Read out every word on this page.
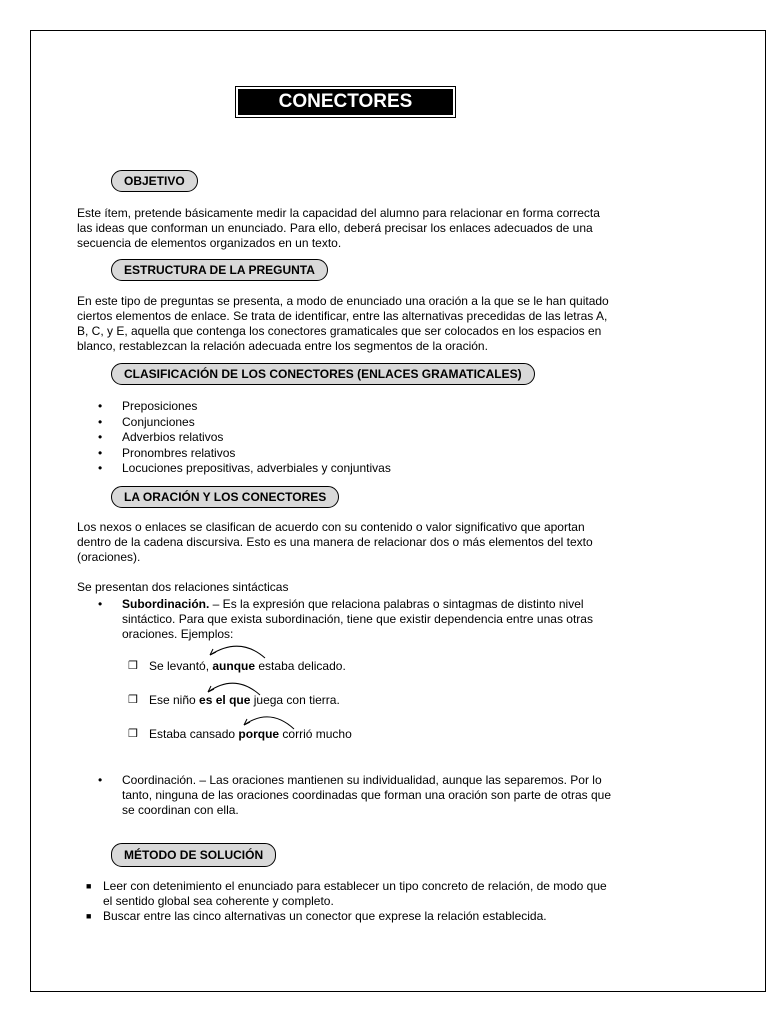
CONECTORES
OBJETIVO

Este ítem, pretende básicamente medir la capacidad del alumno para relacionar en forma correcta
las ideas que conforman un enunciado. Para ello, deberá precisar los enlaces adecuados de una
secuencia de elementos organizados en un texto.

ESTRUCTURA DE LA PREGUNTA

En este tipo de preguntas se presenta, a modo de enunciado una oración a la que se le han quitado
ciertos elementos de enlace. Se trata de identificar, entre las alternativas precedidas de las letras A,
B, C, y E, aquella que contenga los conectores gramaticales que ser colocados en los espacios en
blanco, restablezcan la relación adecuada entre los segmentos de la oración.

CLASIFICACIÓN DE LOS CONECTORES (ENLACES GRAMATICALES)
• Preposiciones
• Conjunciones
• Adverbios relativos
• Pronombres relativos
• Locuciones prepositivas, adverbiales y conjuntivas
LA ORACIÓN Y LOS CONECTORES

Los nexos o enlaces se clasifican de acuerdo con su contenido o valor significativo que aportan
dentro de la cadena discursiva. Esto es una manera de relacionar dos o más elementos del texto
(oraciones).

Se presentan dos relaciones sintácticas
• Subordinación. – Es la expresión que relaciona palabras o sintagmas de distinto nivel
sintáctico. Para que exista subordinación, tiene que existir dependencia entre unas otras
oraciones. Ejemplos:
❒ Se levantó, aunque estaba delicado.
❒ Ese niño es el que juega con tierra.
❒ Estaba cansado porque corrió mucho
• Coordinación. – Las oraciones mantienen su individualidad, aunque las separemos. Por lo
tanto, ninguna de las oraciones coordinadas que forman una oración son parte de otras que
se coordinan con ella.
MÉTODO DE SOLUCIÓN
■ Leer con detenimiento el enunciado para establecer un tipo concreto de relación, de modo que
el sentido global sea coherente y completo.
■ Buscar entre las cinco alternativas un conector que exprese la relación establecida.
